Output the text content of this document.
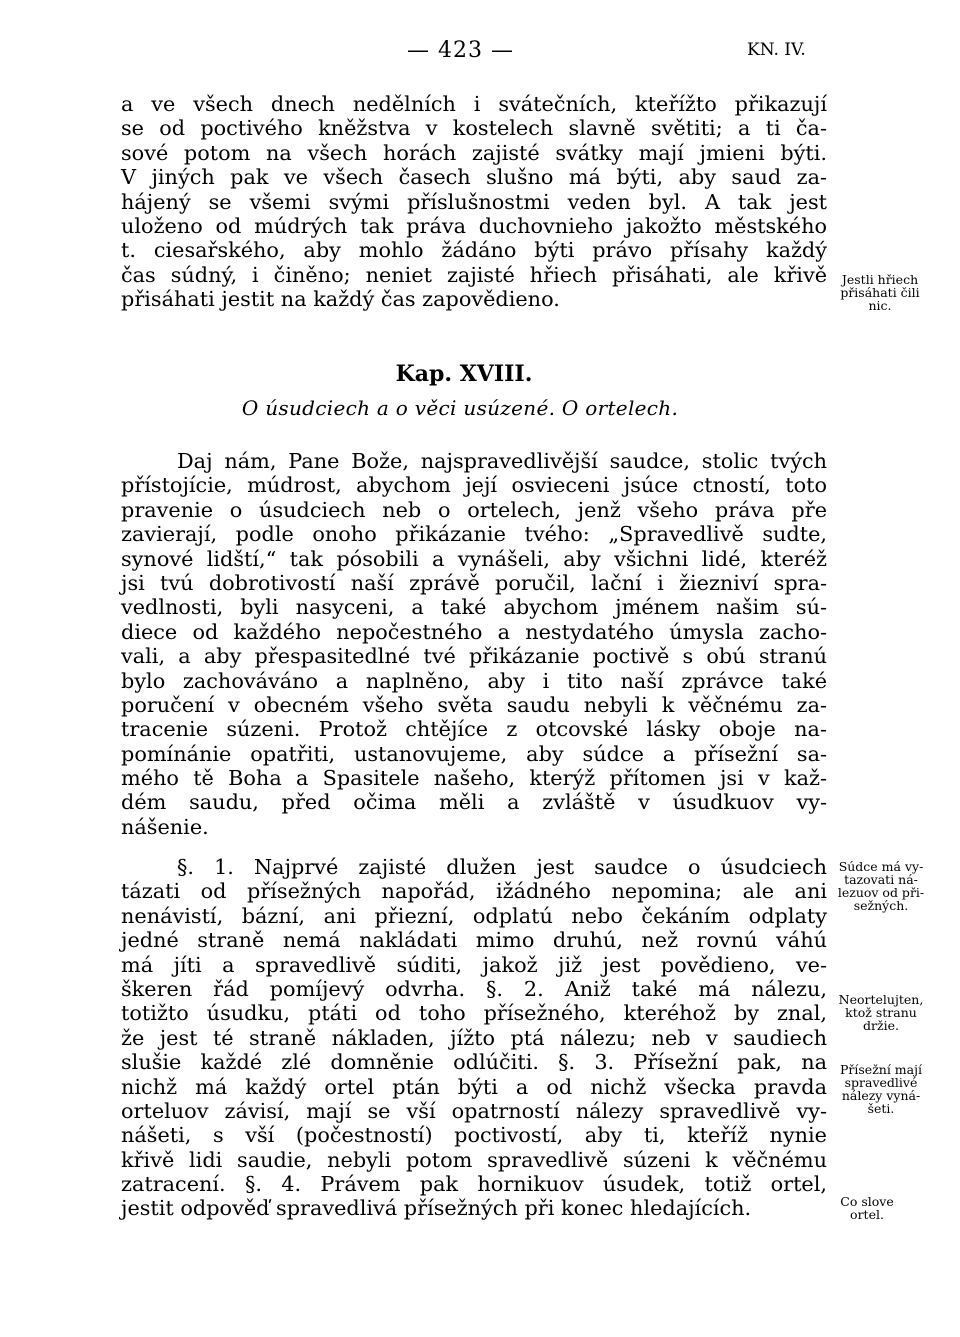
— 423 —	KN. IV.
a ve všech dnech nedělních i svátečních, kteřížto přikazují
se od poctivého kněžstva v kostelech slavně světiti; a ti ča-
sové potom na všech horách zajisté svátky mají jmieni býti.
V jiných pak ve všech časech slušno má býti, aby saud za-
hájený se všemi svými příslušnostmi veden byl. A tak jest
uloženo od múdrých tak práva duchovnieho jakožto městského
t. ciesařského, aby mohlo žádáno býti právo přísahy každý
čas súdný, i činěno; neniet zajisté hřiech přisáhati, ale křivě
přisáhati jestit na každý čas zapovědieno.
Jestli hřiech
přisáhati čili
nic.
Kap. XVIII.
O úsudciech a o věci usúzené. O ortelech.
Daj nám, Pane Bože, najspravedlivější saudce, stolic tvých
přístojície, múdrost, abychom její osvieceni jsúce ctností, toto
pravenie o úsudciech neb o ortelech, jenž všeho práva pře
zavierají, podle onoho přikázanie tvého: „Spravedlivě sudte,
synové lidští,“ tak pósobili a vynášeli, aby všichni lidé, kteréž
jsi tvú dobrotivostí naší zprávě poručil, lační i žiezniví spra-
vedlnosti, byli nasyceni, a také abychom jménem našim sú-
diece od každého nepočestného a nestydatého úmysla zacho-
vali, a aby přespasitedlné tvé přikázanie poctivě s obú stranú
bylo zachováváno a naplněno, aby i tito naší zprávce také
poručení v obecném všeho světa saudu nebyli k věčnému za-
tracenie súzeni. Protož chtějíce z otcovské lásky oboje na-
pomínánie opatřiti, ustanovujeme, aby súdce a přísežní sa-
mého tě Boha a Spasitele našeho, kterýž přítomen jsi v kaž-
dém saudu, před očima měli a zvláště v úsudkuov vy-
nášenie.
§. 1. Najprvé zajisté dlužen jest saudce o úsudciech
tázati od přísežných napořád, ižádného nepomina; ale ani
nenávistí, bázní, ani přiezní, odplatú nebo čekáním odplaty
jedné straně nemá nakládati mimo druhú, než rovnú váhú
má jíti a spravedlivě súditi, jakož již jest povědieno, ve-
škeren řád pomíjevý odvrha. §. 2. Aniž také má nálezu,
totižto úsudku, ptáti od toho přísežného, kteréhož by znal,
že jest té straně nákladen, jížto ptá nálezu; neb v saudiech
slušie každé zlé domněnie odlúčiti. §. 3. Přísežní pak, na
nichž má každý ortel ptán býti a od nichž všecka pravda
orteluov závisí, mají se vší opatrností nálezy spravedlivě vy-
nášeti, s vší (počestností) poctivostí, aby ti, kteříž nynie
křivě lidi saudie, nebyli potom spravedlivě súzeni k věčnému
zatracení. §. 4. Právem pak hornikuov úsudek, totiž ortel,
jestit odpověď spravedlivá přísežných při konec hledajících.
Súdce má vy-
tazovati ná-
lezuov od při-
sežných.
Neortelujten,
ktož stranu
držie.
Přísežní mají
spravedlivé
nálezy vyná-
šeti.
Co slove
ortel.
